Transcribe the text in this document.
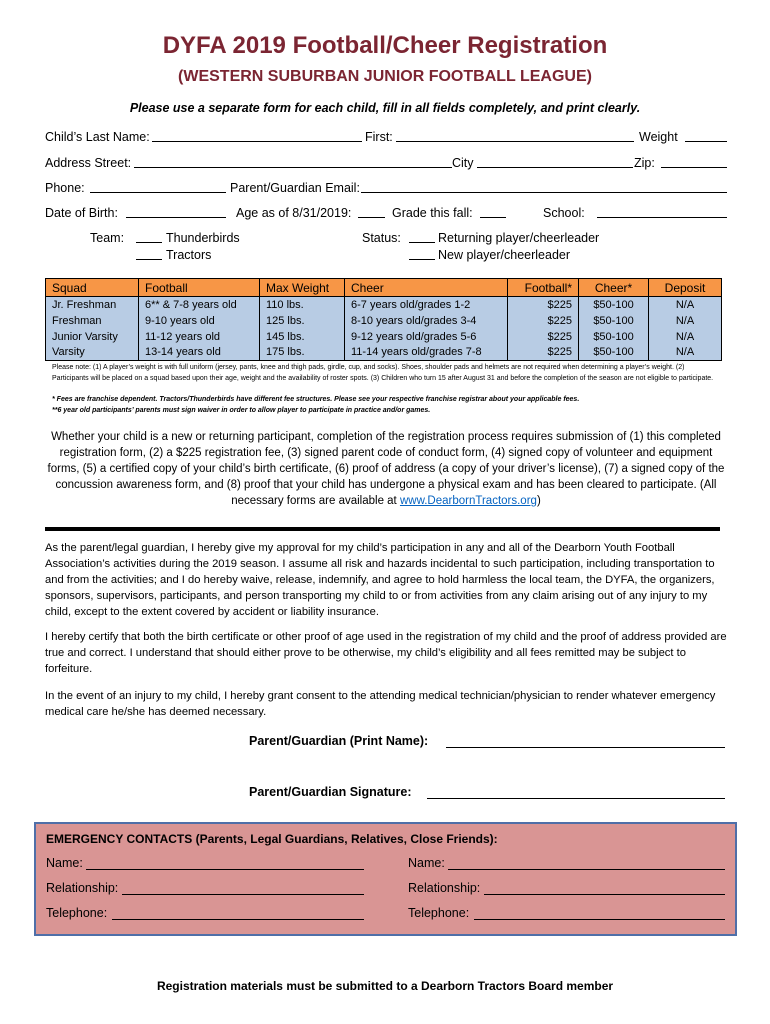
DYFA 2019 Football/Cheer Registration
(WESTERN SUBURBAN JUNIOR FOOTBALL LEAGUE)
Please use a separate form for each child, fill in all fields completely, and print clearly.
Child’s Last Name:	First:	Weight
Address Street:	City	Zip:
Phone:	Parent/Guardian Email:
Date of Birth:	Age as of 8/31/2019:	Grade this fall:	School:
Team:	Thunderbirds	Status:	Returning player/cheerleader
Tractors	New player/cheerleader
Squad	Football	Max Weight	Cheer	Football*	Cheer*	Deposit
Jr. Freshman	6** & 7-8 years old	110 lbs.	6-7 years old/grades 1-2	$225	$50-100	N/A
Freshman	9-10 years old	125 lbs.	8-10 years old/grades 3-4	$225	$50-100	N/A
Junior Varsity	11-12 years old	145 lbs.	9-12 years old/grades 5-6	$225	$50-100	N/A
Varsity	13-14 years old	175 lbs.	11-14 years old/grades 7-8	$225	$50-100	N/A
Please note: (1) A player’s weight is with full uniform (jersey, pants, knee and thigh pads, girdle, cup, and socks). Shoes, shoulder pads and helmets are not required when determining a player’s weight. (2) Participants will be placed on a squad based upon their age, weight and the availability of roster spots. (3) Children who turn 15 after August 31 and before the completion of the season are not eligible to participate.
* Fees are franchise dependent. Tractors/Thunderbirds have different fee structures. Please see your respective franchise registrar about your applicable fees.
**6 year old participants’ parents must sign waiver in order to allow player to participate in practice and/or games.
Whether your child is a new or returning participant, completion of the registration process requires submission of (1) this completed registration form, (2) a $225 registration fee, (3) signed parent code of conduct form, (4) signed copy of volunteer and equipment forms, (5) a certified copy of your child’s birth certificate, (6) proof of address (a copy of your driver’s license), (7) a signed copy of the concussion awareness form, and (8) proof that your child has undergone a physical exam and has been cleared to participate. (All necessary forms are available at www.DearbornTractors.org)
As the parent/legal guardian, I hereby give my approval for my child’s participation in any and all of the Dearborn Youth Football Association’s activities during the 2019 season. I assume all risk and hazards incidental to such participation, including transportation to and from the activities; and I do hereby waive, release, indemnify, and agree to hold harmless the local team, the DYFA, the organizers, sponsors, supervisors, participants, and person transporting my child to or from activities from any claim arising out of any injury to my child, except to the extent covered by accident or liability insurance.
I hereby certify that both the birth certificate or other proof of age used in the registration of my child and the proof of address provided are true and correct. I understand that should either prove to be otherwise, my child’s eligibility and all fees remitted may be subject to forfeiture.
In the event of an injury to my child, I hereby grant consent to the attending medical technician/physician to render whatever emergency medical care he/she has deemed necessary.
Parent/Guardian (Print Name):
Parent/Guardian Signature:
EMERGENCY CONTACTS (Parents, Legal Guardians, Relatives, Close Friends):
Name:	Name:
Relationship:	Relationship:
Telephone:	Telephone:
Registration materials must be submitted to a Dearborn Tractors Board member
